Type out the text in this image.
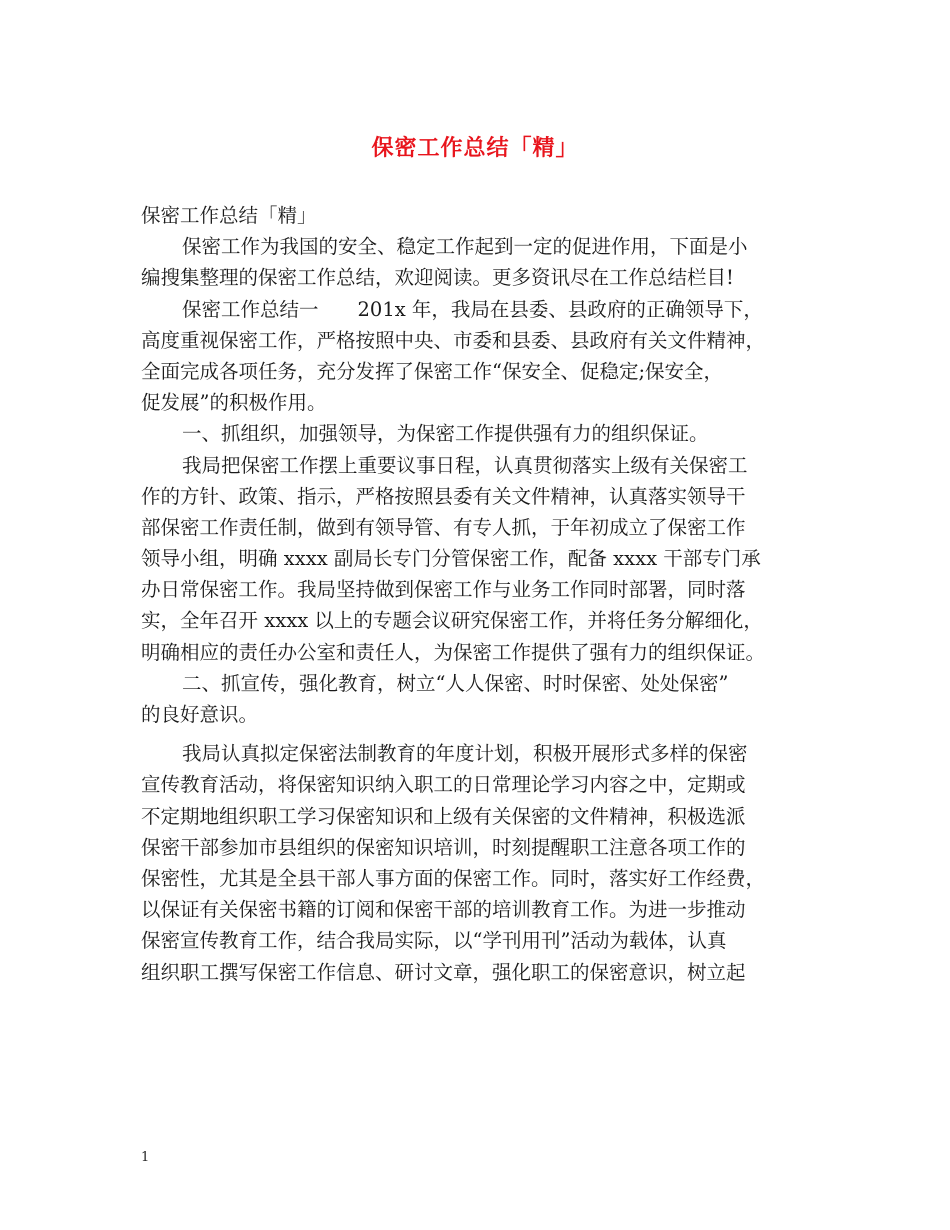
保密工作总结「精」
保密工作总结「精」
保密工作为我国的安全、稳定工作起到一定的促进作用，下面是小
编搜集整理的保密工作总结，欢迎阅读。更多资讯尽在工作总结栏目!
保密工作总结一　　201x 年，我局在县委、县政府的正确领导下，
高度重视保密工作，严格按照中央、市委和县委、县政府有关文件精神，
全面完成各项任务，充分发挥了保密工作“保安全、促稳定;保安全，
促发展”的积极作用。
一、抓组织，加强领导，为保密工作提供强有力的组织保证。
我局把保密工作摆上重要议事日程，认真贯彻落实上级有关保密工
作的方针、政策、指示，严格按照县委有关文件精神，认真落实领导干
部保密工作责任制，做到有领导管、有专人抓，于年初成立了保密工作
领导小组，明确 xxxx 副局长专门分管保密工作，配备 xxxx 干部专门承
办日常保密工作。我局坚持做到保密工作与业务工作同时部署，同时落
实，全年召开 xxxx 以上的专题会议研究保密工作，并将任务分解细化，
明确相应的责任办公室和责任人，为保密工作提供了强有力的组织保证。
二、抓宣传，强化教育，树立“人人保密、时时保密、处处保密”
的良好意识。
我局认真拟定保密法制教育的年度计划，积极开展形式多样的保密
宣传教育活动，将保密知识纳入职工的日常理论学习内容之中，定期或
不定期地组织职工学习保密知识和上级有关保密的文件精神，积极选派
保密干部参加市县组织的保密知识培训，时刻提醒职工注意各项工作的
保密性，尤其是全县干部人事方面的保密工作。同时，落实好工作经费，
以保证有关保密书籍的订阅和保密干部的培训教育工作。为进一步推动
保密宣传教育工作，结合我局实际，以“学刊用刊”活动为载体，认真
组织职工撰写保密工作信息、研讨文章，强化职工的保密意识，树立起
1
